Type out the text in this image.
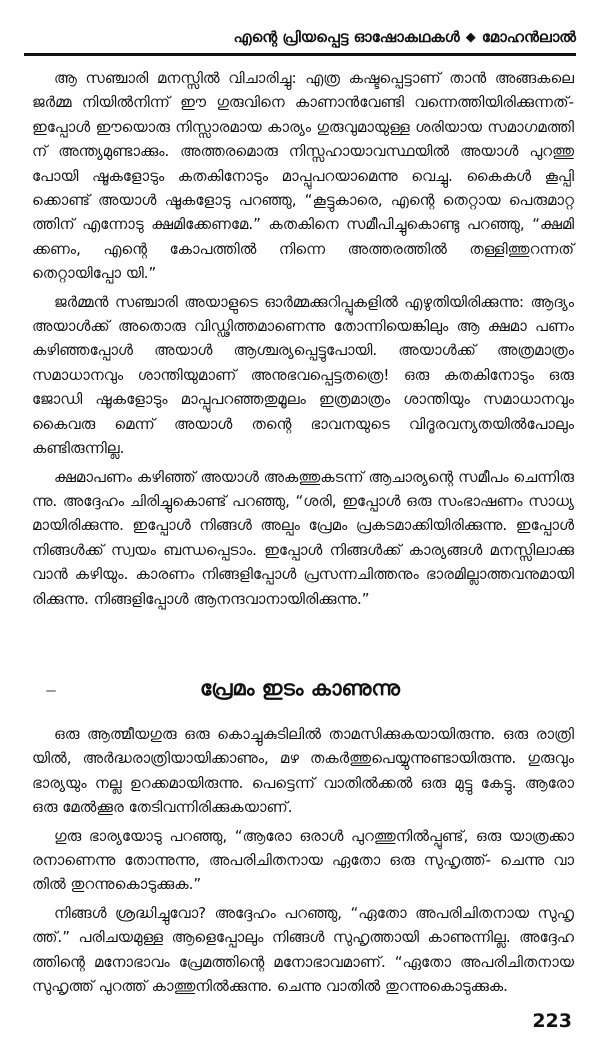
എന്റെ പ്രിയപ്പെട്ട ഓഷോകഥകൾ ◆ മോഹൻലാൽ

ആ സഞ്ചാരി മനസ്സിൽ വിചാരിച്ചു: എത്ര കഷ്ടപ്പെട്ടാണ് താൻ അങ്ങകലെ ജർമ്മ നിയിൽനിന്ന് ഈ ഗുരുവിനെ കാണാൻവേണ്ടി വന്നെത്തിയിരിക്കുന്നത്- ഇപ്പോൾ ഈയൊരു നിസ്സാരമായ കാര്യം ഗുരുവുമായുള്ള ശരിയായ സമാഗമത്തി ന് അന്ത്യമുണ്ടാക്കും. അത്തരമൊരു നിസ്സഹായാവസ്ഥയിൽ അയാൾ പുറത്തു പോയി ഷൂകളോടും കതകിനോടും മാപ്പുപറയാമെന്നു വെച്ചു. കൈകൾ കൂപ്പി ക്കൊണ്ട് അയാൾ ഷൂകളോടു പറഞ്ഞു, “കൂട്ടുകാരെ, എന്റെ തെറ്റായ പെരുമാറ്റ ത്തിന് എന്നോടു ക്ഷമിക്കേണമേ.” കതകിനെ സമീപിച്ചുകൊണ്ടു പറഞ്ഞു, “ക്ഷമി ക്കണം, എന്റെ കോപത്തിൽ നിന്നെ അത്തരത്തിൽ തള്ളിത്തുറന്നത് തെറ്റായിപ്പോ യി.”

ജർമ്മൻ സഞ്ചാരി അയാളുടെ ഓർമ്മക്കുറിപ്പുകളിൽ എഴുതിയിരിക്കുന്നു: ആദ്യം അയാൾക്ക് അതൊരു വിഡ്ഢിത്തമാണെന്നു തോന്നിയെങ്കിലും ആ ക്ഷമാ പണം കഴിഞ്ഞപ്പോൾ അയാൾ ആശ്ചര്യപ്പെട്ടുപോയി. അയാൾക്ക് അത്രമാത്രം സമാധാനവും ശാന്തിയുമാണ് അനുഭവപ്പെട്ടതത്രെ! ഒരു കതകിനോടും ഒരു ജോഡി ഷൂകളോടും മാപ്പുപറഞ്ഞതുമൂലം ഇത്രമാത്രം ശാന്തിയും സമാധാനവും കൈവരു മെന്ന് അയാൾ തന്റെ ഭാവനയുടെ വിദൂരവന്യതയിൽപോലും കണ്ടിരുന്നില്ല.

ക്ഷമാപണം കഴിഞ്ഞ് അയാൾ അകത്തുകടന്ന് ആചാര്യന്റെ സമീപം ചെന്നിരു ന്നു. അദ്ദേഹം ചിരിച്ചുകൊണ്ട് പറഞ്ഞു, “ശരി, ഇപ്പോൾ ഒരു സംഭാഷണം സാധ്യ മായിരിക്കുന്നു. ഇപ്പോൾ നിങ്ങൾ അല്പം പ്രേമം പ്രകടമാക്കിയിരിക്കുന്നു. ഇപ്പോൾ നിങ്ങൾക്ക് സ്വയം ബന്ധപ്പെടാം. ഇപ്പോൾ നിങ്ങൾക്ക് കാര്യങ്ങൾ മനസ്സിലാക്കു വാൻ കഴിയും. കാരണം നിങ്ങളിപ്പോൾ പ്രസന്നചിത്തനും ഭാരമില്ലാത്തവനുമായി രിക്കുന്നു. നിങ്ങളിപ്പോൾ ആനന്ദവാനായിരിക്കുന്നു.”

പ്രേമം ഇടം കാണുന്നു

ഒരു ആത്മീയഗുരു ഒരു കൊച്ചുകുടിലിൽ താമസിക്കുകയായിരുന്നു. ഒരു രാത്രി യിൽ, അർദ്ധരാത്രിയായിക്കാണും, മഴ തകർത്തുപെയ്യുന്നുണ്ടായിരുന്നു. ഗുരുവും ഭാര്യയും നല്ല ഉറക്കമായിരുന്നു. പെട്ടെന്ന് വാതിൽക്കൽ ഒരു മുട്ടു കേട്ടു. ആരോ ഒരു മേൽക്കൂര തേടിവന്നിരിക്കുകയാണ്.

ഗുരു ഭാര്യയോടു പറഞ്ഞു, “ആരോ ഒരാൾ പുറത്തുനിൽപ്പുണ്ട്, ഒരു യാത്രക്കാ രനാണെന്നു തോന്നുന്നു, അപരിചിതനായ ഏതോ ഒരു സുഹൃത്ത്- ചെന്നു വാ തിൽ തുറന്നുകൊടുക്കുക.”

നിങ്ങൾ ശ്രദ്ധിച്ചുവോ? അദ്ദേഹം പറഞ്ഞു, “ഏതോ അപരിചിതനായ സുഹൃ ത്ത്.” പരിചയമുള്ള ആളെപ്പോലും നിങ്ങൾ സുഹൃത്തായി കാണുന്നില്ല. അദ്ദേഹ ത്തിന്റെ മനോഭാവം പ്രേമത്തിന്റെ മനോഭാവമാണ്. “ഏതോ അപരിചിതനായ സുഹൃത്ത് പുറത്ത് കാത്തുനിൽക്കുന്നു. ചെന്നു വാതിൽ തുറന്നുകൊടുക്കുക.

223
